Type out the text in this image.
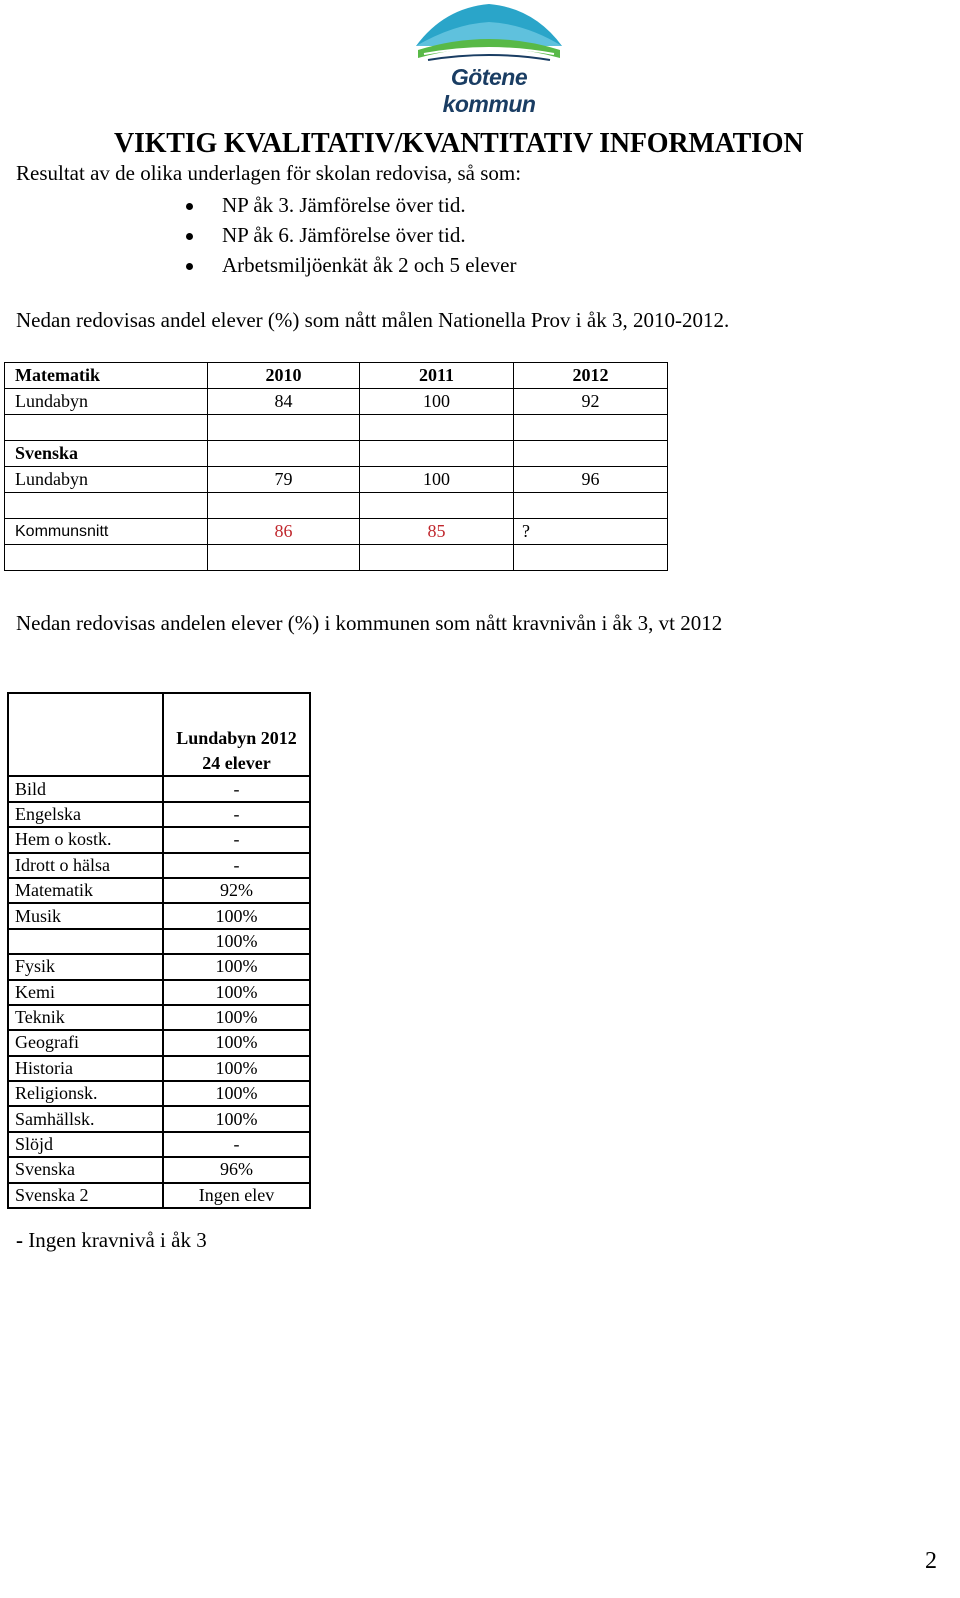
Götene kommun
VIKTIG KVALITATIV/KVANTITATIV INFORMATION
Resultat av de olika underlagen för skolan redovisa, så som:
NP åk 3. Jämförelse över tid.
NP åk 6. Jämförelse över tid.
Arbetsmiljöenkät åk 2 och 5 elever
Nedan redovisas andel elever (%) som nått målen Nationella Prov i åk 3, 2010-2012.
Matematik	2010	2011	2012
Lundabyn	84	100	92

Svenska			
Lundabyn	79	100	96

Kommunsnitt	86	85	?

Nedan redovisas andelen elever (%) i kommunen som nått kravnivån i åk 3, vt 2012
	Lundabyn 2012
	24 elever
Bild	-
Engelska	-
Hem o kostk.	-
Idrott o hälsa	-
Matematik	92%
Musik	100%
	100%
Fysik	100%
Kemi	100%
Teknik	100%
Geografi	100%
Historia	100%
Religionsk.	100%
Samhällsk.	100%
Slöjd	-
Svenska	96%
Svenska 2	Ingen elev
- Ingen kravnivå i åk 3
2
